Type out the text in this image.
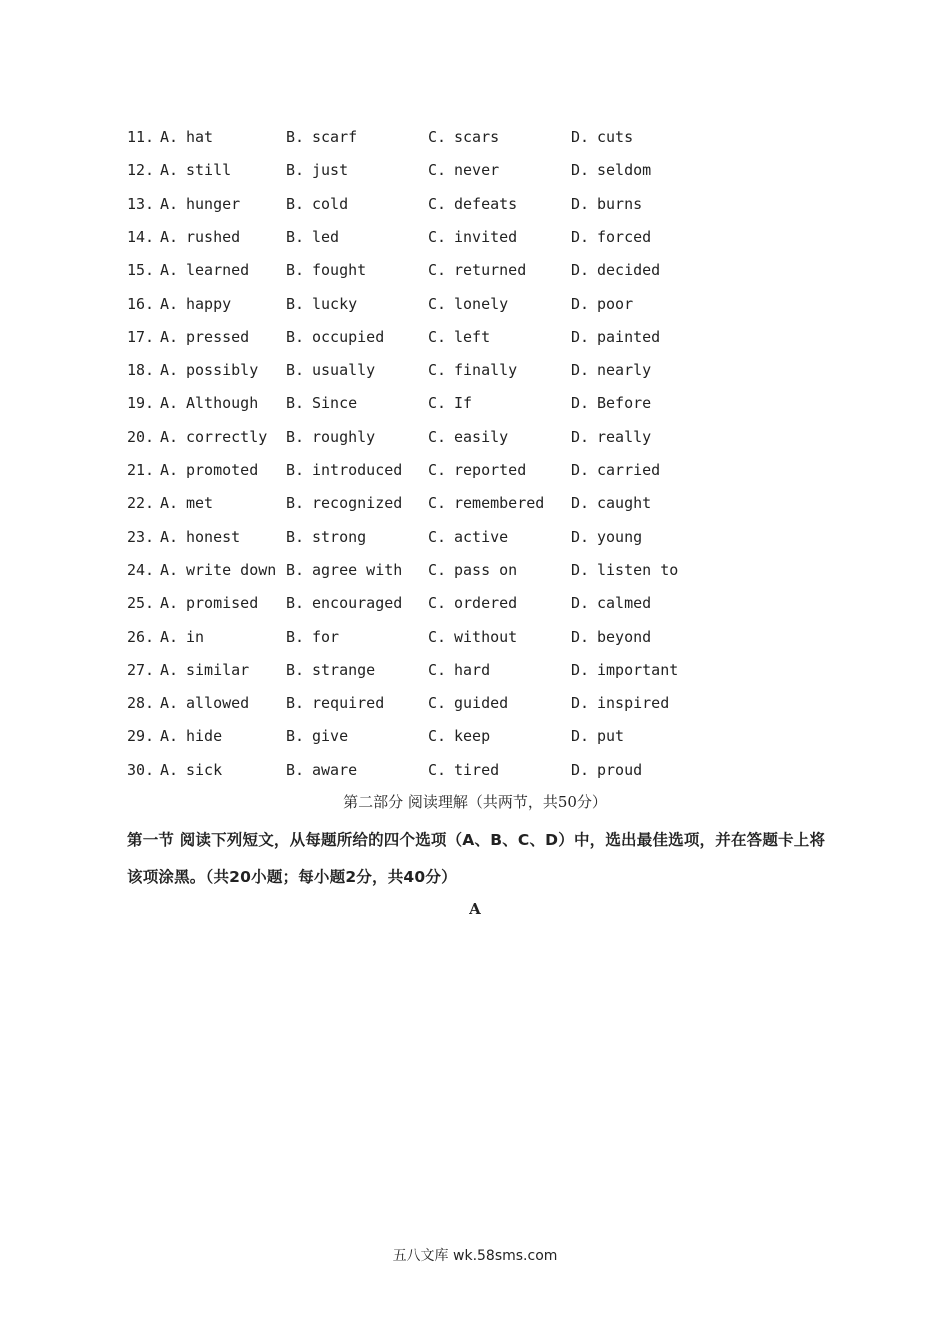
11. A. hat	B. scarf	C. scars	D. cuts
12. A. still	B. just	C. never	D. seldom
13. A. hunger	B. cold	C. defeats	D. burns
14. A. rushed	B. led	C. invited	D. forced
15. A. learned B. fought	C. returned	D. decided
16. A. happy	B. lucky	C. lonely	D. poor
17. A. pressed B. occupied	C. left	D. painted
18. A. possibly B. usually	C. finally	D. nearly
19. A. Although B. Since	C. If	D. Before
20. A. correctly B. roughly	C. easily	D. really
21. A. promoted B. introduced C. reported	D. carried
22. A. met	B. recognized C. remembered D. caught
23. A. honest	B. strong	C. active	D. young
24. A. write down B. agree with C. pass on	D. listen to
25. A. promised B. encouraged C. ordered	D. calmed
26. A. in	B. for	C. without	D. beyond
27. A. similar B. strange	C. hard	D. important
28. A. allowed B. required	C. guided	D. inspired
29. A. hide	B. give	C. keep	D. put
30. A. sick	B. aware	C. tired	D. proud
第二部分 阅读理解（共两节，共50分）
第一节 阅读下列短文，从每题所给的四个选项（A、B、C、D）中，选出最佳选项，并在答题卡上将该项涂黑。（共20小题；每小题2分，共40分）
A
五八文库 wk.58sms.com
